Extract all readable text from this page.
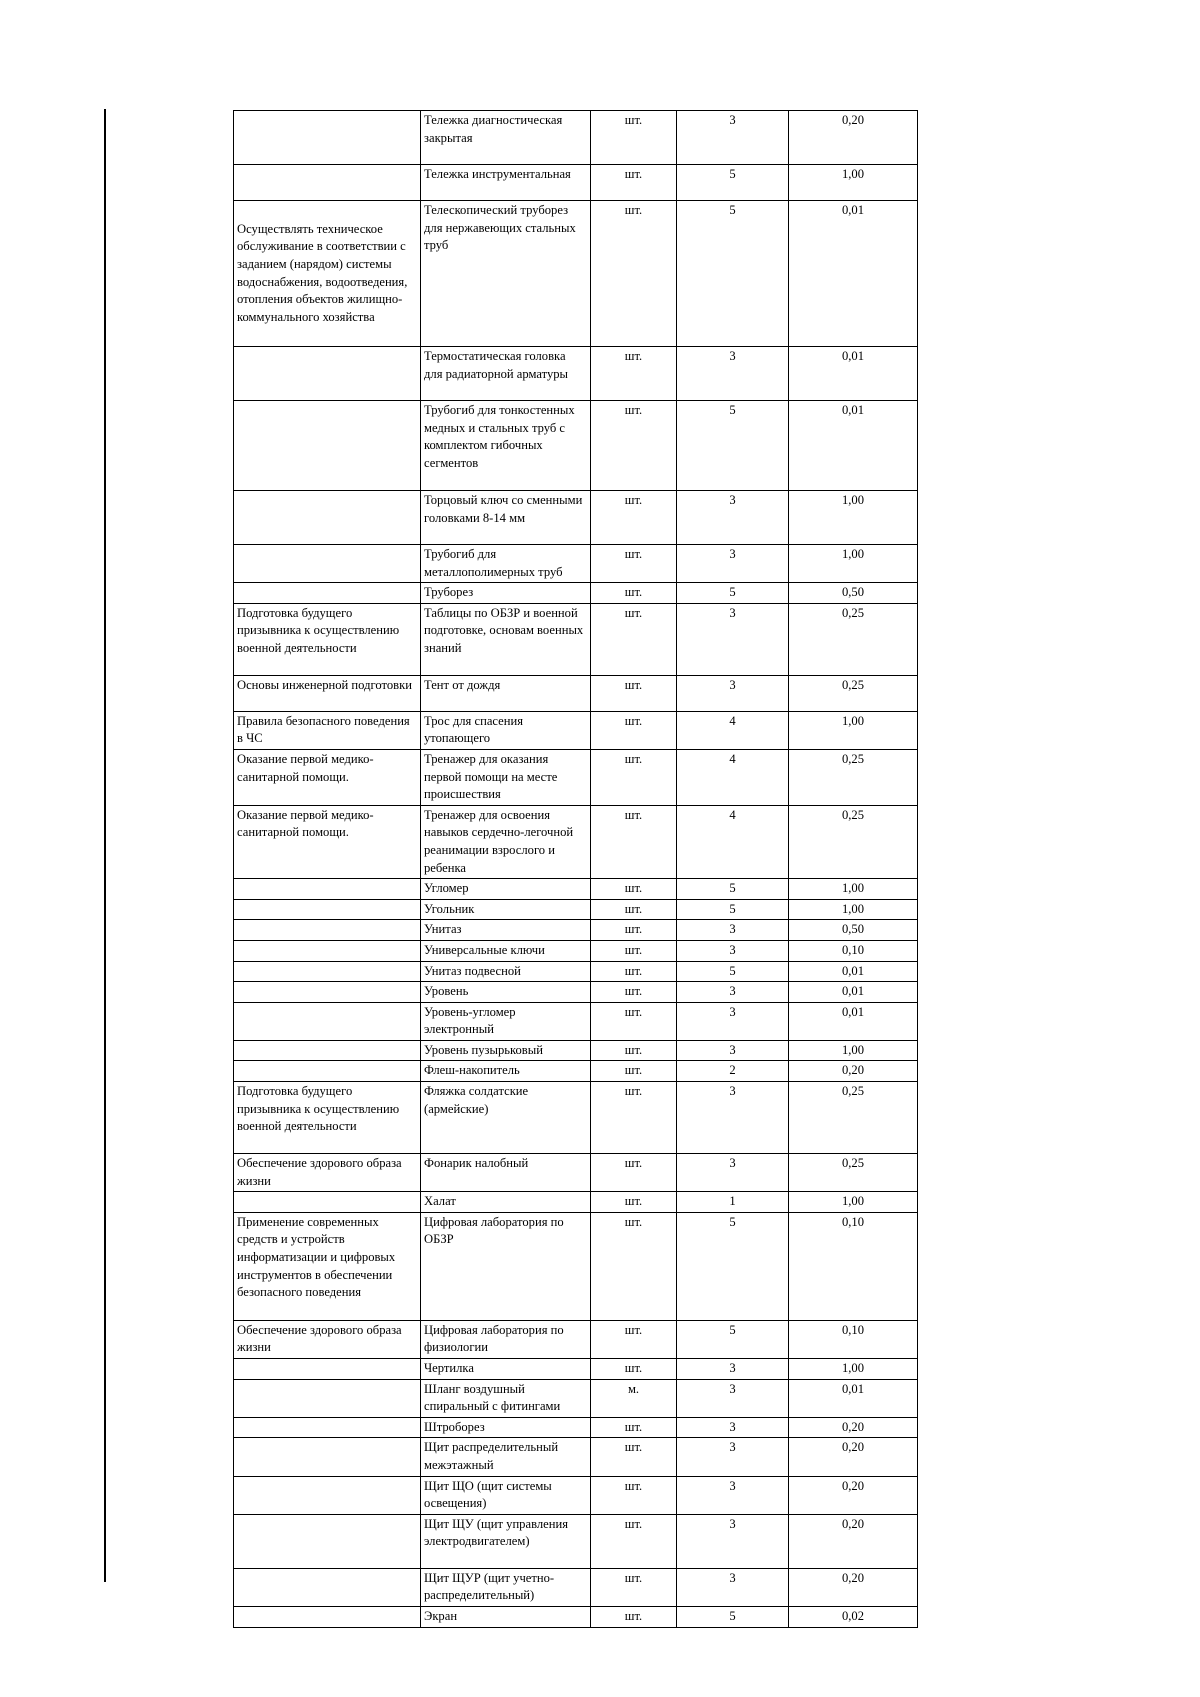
	Тележка диагностическая закрытая	шт.	3	0,20
	Тележка инструментальная	шт.	5	1,00
Осуществлять техническое обслуживание в соответствии с заданием (нарядом) системы водоснабжения, водоотведения, отопления объектов жилищно-коммунального хозяйства	Телескопический труборез для нержавеющих стальных труб	шт.	5	0,01
	Термостатическая головка для радиаторной арматуры	шт.	3	0,01
	Трубогиб для тонкостенных медных и стальных труб с комплектом гибочных сегментов	шт.	5	0,01
	Торцовый ключ со сменными головками 8-14 мм	шт.	3	1,00
	Трубогиб для металлополимерных труб	шт.	3	1,00
	Труборез	шт.	5	0,50
Подготовка будущего призывника к осуществлению военной деятельности	Таблицы по ОБЗР и военной подготовке, основам военных знаний	шт.	3	0,25
Основы инженерной подготовки	Тент от дождя	шт.	3	0,25
Правила безопасного поведения в ЧС	Трос для спасения утопающего	шт.	4	1,00
Оказание первой медико-санитарной помощи.	Тренажер для оказания первой помощи на месте происшествия	шт.	4	0,25
Оказание первой медико-санитарной помощи.	Тренажер для освоения навыков сердечно-легочной реанимации взрослого и ребенка	шт.	4	0,25
	Угломер	шт.	5	1,00
	Угольник	шт.	5	1,00
	Унитаз	шт.	3	0,50
	Универсальные ключи	шт.	3	0,10
	Унитаз подвесной	шт.	5	0,01
	Уровень	шт.	3	0,01
	Уровень-угломер электронный	шт.	3	0,01
	Уровень пузырьковый	шт.	3	1,00
	Флеш-накопитель	шт.	2	0,20
Подготовка будущего призывника к осуществлению военной деятельности	Фляжка солдатские (армейские)	шт.	3	0,25
Обеспечение здорового образа жизни	Фонарик налобный	шт.	3	0,25
	Халат	шт.	1	1,00
Применение современных средств и устройств информатизации и цифровых инструментов в обеспечении безопасного поведения	Цифровая лаборатория по ОБЗР	шт.	5	0,10
Обеспечение здорового образа жизни	Цифровая лаборатория по физиологии	шт.	5	0,10
	Чертилка	шт.	3	1,00
	Шланг воздушный спиральный с фитингами	м.	3	0,01
	Штроборез	шт.	3	0,20
	Щит распределительный межэтажный	шт.	3	0,20
	Щит ЩО (щит системы освещения)	шт.	3	0,20
	Щит ЩУ (щит управления электродвигателем)	шт.	3	0,20
	Щит ЩУР (щит учетно-распределительный)	шт.	3	0,20
	Экран	шт.	5	0,02
